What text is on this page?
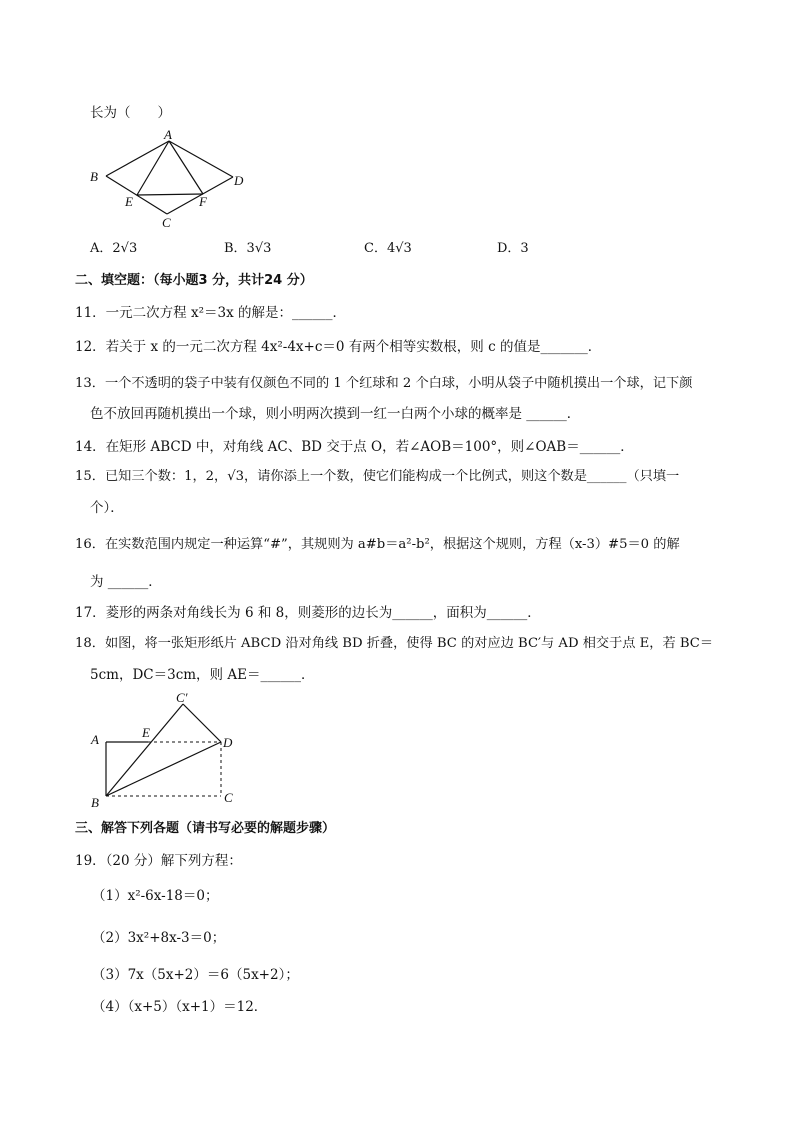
长为（　　）
A
B
C
D
E	F
A．2√3	B．3√3	C．4√3	D．3
二、填空题：（每小题3 分，共计24 分）
11．一元二次方程 x²＝3x 的解是：______．
12．若关于 x 的一元二次方程 4x²-4x+c＝0 有两个相等实数根，则 c 的值是_______．
13．一个不透明的袋子中装有仅颜色不同的 1 个红球和 2 个白球，小明从袋子中随机摸出一个球，记下颜
色不放回再随机摸出一个球，则小明两次摸到一红一白两个小球的概率是 ______．
14．在矩形 ABCD 中，对角线 AC、BD 交于点 O，若∠AOB＝100°，则∠OAB＝______．
15．已知三个数：1，2，√3，请你添上一个数，使它们能构成一个比例式，则这个数是______（只填一
个）．
16．在实数范围内规定一种运算“#”，其规则为 a#b＝a²-b²，根据这个规则，方程（x-3）#5＝0 的解
为 ______．
17．菱形的两条对角线长为 6 和 8，则菱形的边长为______，面积为______．
18．如图，将一张矩形纸片 ABCD 沿对角线 BD 折叠，使得 BC 的对应边 BC′与 AD 相交于点 E，若 BC＝
5cm，DC＝3cm，则 AE＝______．
C′
A	E
D
B	C
三、解答下列各题（请书写必要的解题步骤）
19．（20 分）解下列方程：
（1）x²-6x-18＝0；
（2）3x²+8x-3＝0；
（3）7x（5x+2）＝6（5x+2）；
（4）（x+5）（x+1）＝12．
